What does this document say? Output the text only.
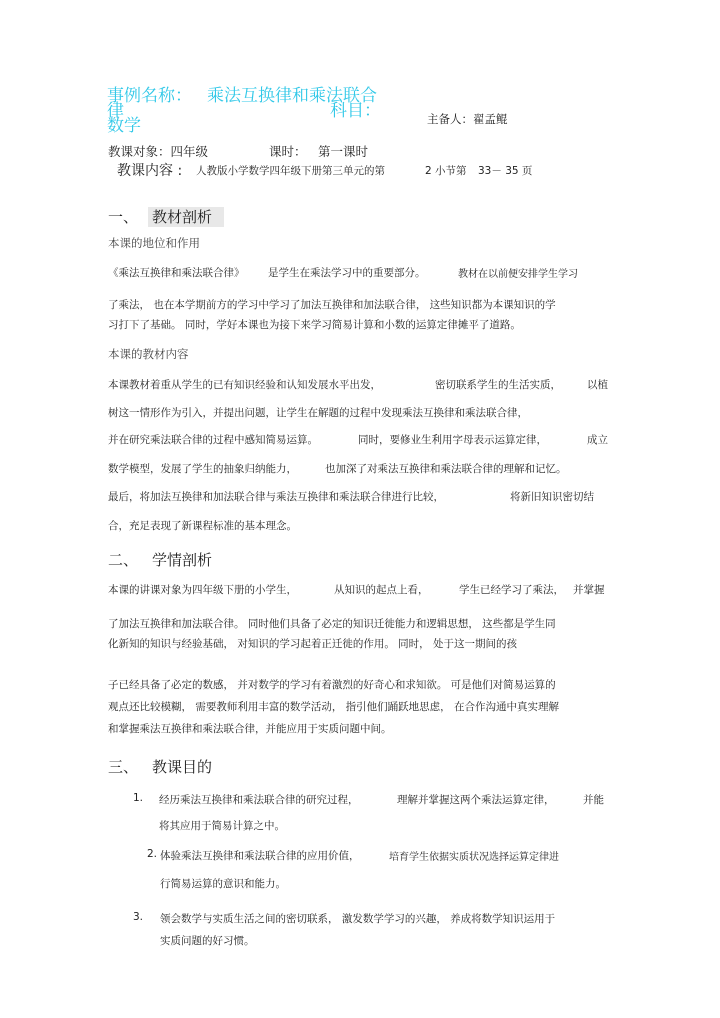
事例名称： 乘法互换律和乘法联合
律	科目：
数学	主备人：翟孟鲲
教课对象：四年级	课时： 第一课时
教课内容 : 人教版小学数学四年级下册第三单元的第	2 小节第 33－ 35 页
一、 教材剖析
本课的地位和作用
《乘法互换律和乘法联合律》 是学生在乘法学习中的重要部分。	教材在以前便安排学生学习
了乘法， 也在本学期前方的学习中学习了加法互换律和加法联合律， 这些知识都为本课知识的学
习打下了基础。 同时，学好本课也为接下来学习简易计算和小数的运算定律摊平了道路。
本课的教材内容
本课教材着重从学生的已有知识经验和认知发展水平出发，	密切联系学生的生活实质， 以植
树这一情形作为引入，并提出问题，让学生在解题的过程中发现乘法互换律和乘法联合律，
并在研究乘法联合律的过程中感知简易运算。	同时，要修业生利用字母表示运算定律，	成立
数学模型，发展了学生的抽象归纳能力，	也加深了对乘法互换律和乘法联合律的理解和记忆。
最后，将加法互换律和加法联合律与乘法互换律和乘法联合律进行比较，	将新旧知识密切结
合，充足表现了新课程标准的基本理念。
二、 学情剖析
本课的讲课对象为四年级下册的小学生，	从知识的起点上看，	学生已经学习了乘法， 并掌握
了加法互换律和加法联合律。 同时他们具备了必定的知识迁徙能力和逻辑思想， 这些都是学生同
化新知的知识与经验基础， 对知识的学习起着正迁徙的作用。 同时， 处于这一期间的孩
子已经具备了必定的数感， 并对数学的学习有着激烈的好奇心和求知欲。 可是他们对简易运算的
观点还比较模糊， 需要教师利用丰富的数学活动， 指引他们踊跃地思虑， 在合作沟通中真实理解
和掌握乘法互换律和乘法联合律，并能应用于实质问题中间。
三、 教课目的
1. 经历乘法互换律和乘法联合律的研究过程，	理解并掌握这两个乘法运算定律，	并能
将其应用于简易计算之中。
2. 体验乘法互换律和乘法联合律的应用价值，	培育学生依据实质状况选择运算定律进
行简易运算的意识和能力。
3. 领会数学与实质生活之间的密切联系， 激发数学学习的兴趣， 养成将数学知识运用于
实质问题的好习惯。
